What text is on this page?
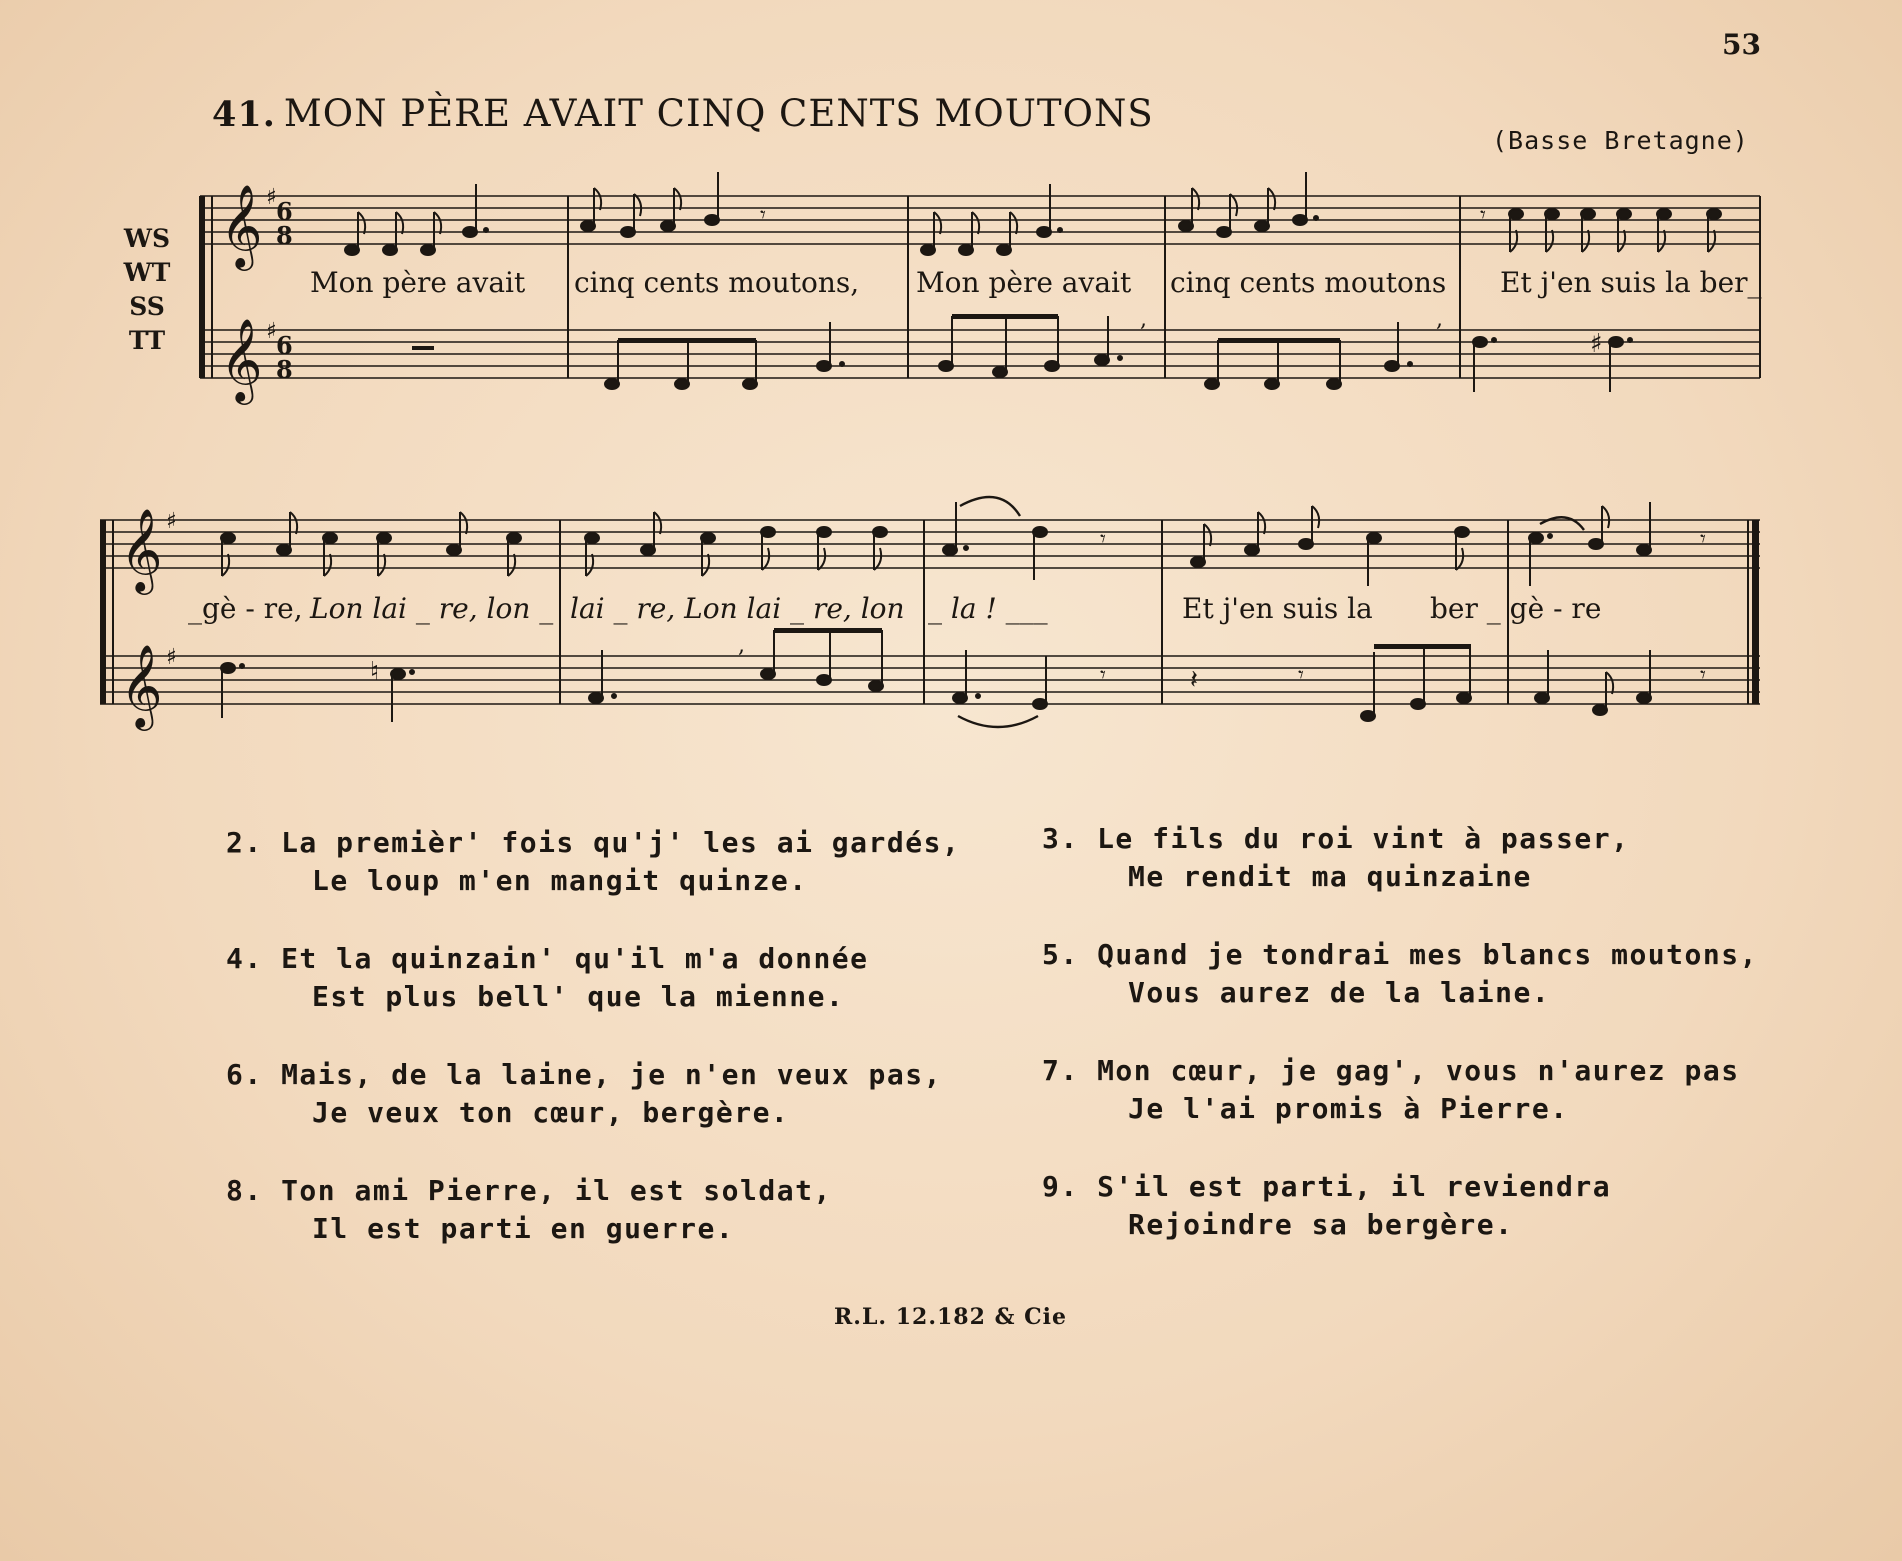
53
41. MON PÈRE AVAIT CINQ CENTS MOUTONS
(Basse Bretagne)
WS
WT
SS
TT
𝄞
𝄞
♯
♯
6
8
6
8
𝄾	𝄾
,	,
♯
Mon père avait cinq cents moutons, Mon père avait cinq cents moutons Et j'en suis la ber_
𝄞
𝄞
♯
♯
𝄾	𝄾
♮
,
𝄾	𝄽	𝄾	𝄾
_gè - re, Lon lai _ re, lon _ lai _ re, Lon lai _ re, lon _ la ! ___	Et j'en suis la ber _ gè - re
2. La premièr' fois qu'j' les ai gardés,
Le loup m'en mangit quinze.
3. Le fils du roi vint à passer,
Me rendit ma quinzaine
4. Et la quinzain' qu'il m'a donnée
Est plus bell' que la mienne.
5. Quand je tondrai mes blancs moutons,
Vous aurez de la laine.
6. Mais, de la laine, je n'en veux pas,
Je veux ton cœur, bergère.
7. Mon cœur, je gag', vous n'aurez pas
Je l'ai promis à Pierre.
8. Ton ami Pierre, il est soldat,
Il est parti en guerre.
9. S'il est parti, il reviendra
Rejoindre sa bergère.
R.L. 12.182 & Cie
